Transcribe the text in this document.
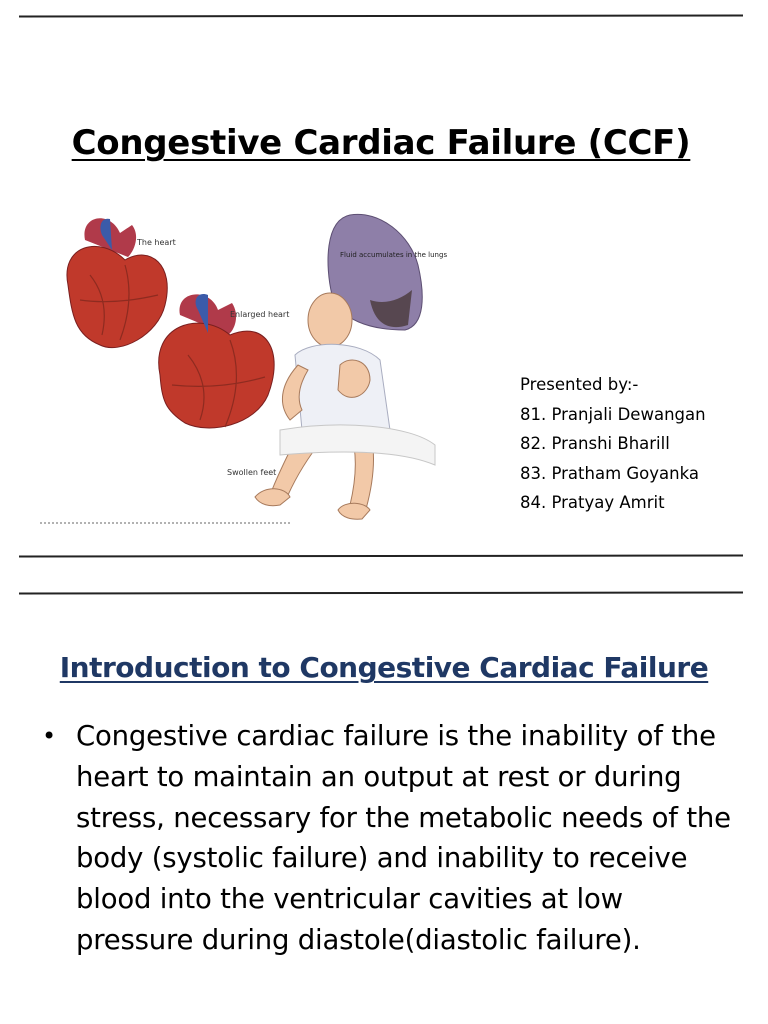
Congestive Cardiac Failure (CCF)
The heart
Enlarged heart
Fluid accumulates in the lungs
Swollen feet
Presented by:-
81. Pranjali Dewangan
82. Pranshi Bharill
83. Pratham Goyanka
84. Pratyay Amrit
Introduction to Congestive Cardiac Failure
• Congestive cardiac failure is the inability of the heart to maintain an output at rest or during stress, necessary for the metabolic needs of the body (systolic failure) and inability to receive blood into the ventricular cavities at low pressure during diastole(diastolic failure).
